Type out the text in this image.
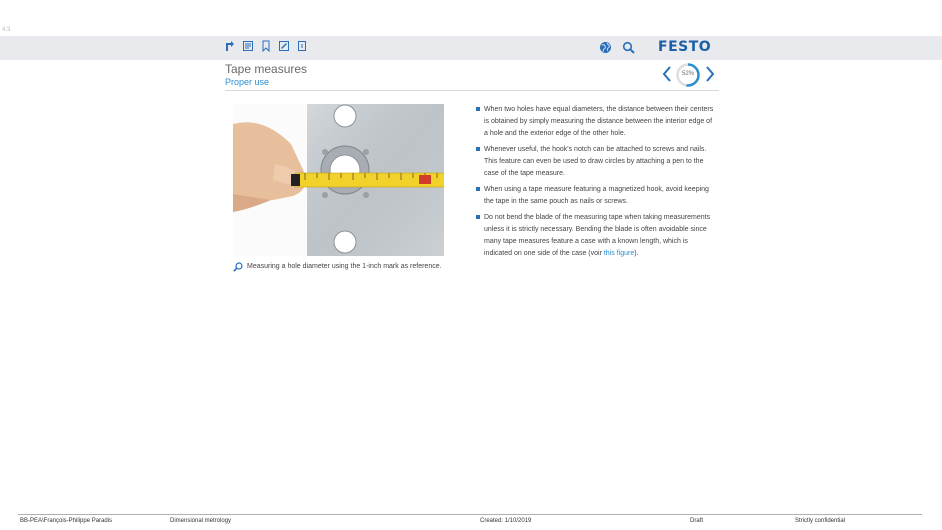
4:3
FESTO
Tape measures
Proper use
52%
Measuring a hole diameter using the 1-inch mark as reference.
When two holes have equal diameters, the distance between their centers is obtained by simply measuring the distance between the interior edge of a hole and the exterior edge of the other hole.
Whenever useful, the hook's notch can be attached to screws and nails. This feature can even be used to draw circles by attaching a pen to the case of the tape measure.
When using a tape measure featuring a magnetized hook, avoid keeping the tape in the same pouch as nails or screws.
Do not bend the blade of the measuring tape when taking measurements unless it is strictly necessary. Bending the blade is often avoidable since many tape measures feature a case with a known length, which is indicated on one side of the case (voir this figure).
BB-PEA\François-Philippe Paradis	Dimensional metrology	Created: 1/10/2019	Draft	Strictly confidential
